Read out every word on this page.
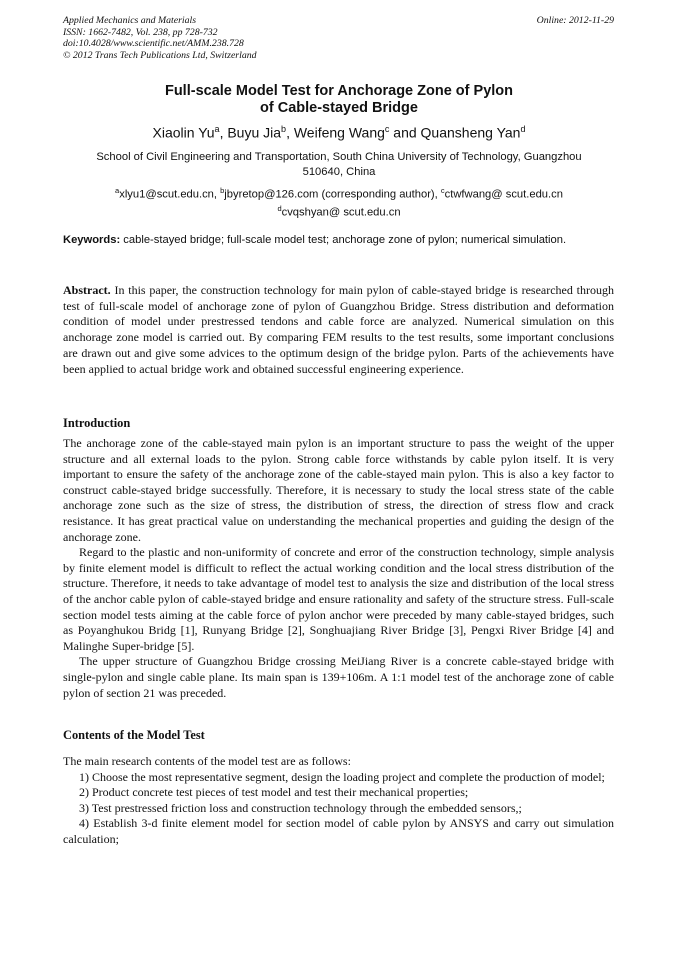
Applied Mechanics and Materials
ISSN: 1662-7482, Vol. 238, pp 728-732
doi:10.4028/www.scientific.net/AMM.238.728
© 2012 Trans Tech Publications Ltd, Switzerland
Online: 2012-11-29
Full-scale Model Test for Anchorage Zone of Pylon
of Cable-stayed Bridge
Xiaolin Yu$^a$, Buyu Jia$^b$, Weifeng Wang$^c$ and Quansheng Yan$^d$
School of Civil Engineering and Transportation, South China University of Technology, Guangzhou
510640, China
$^a$xlyu1@scut.edu.cn, $^b$jbyretop@126.com (corresponding author), $^c$ctwfwang@ scut.edu.cn
$^d$cvqshyan@ scut.edu.cn
Keywords: cable-stayed bridge; full-scale model test; anchorage zone of pylon; numerical simulation.
Abstract. In this paper, the construction technology for main pylon of cable-stayed bridge is researched through test of full-scale model of anchorage zone of pylon of Guangzhou Bridge. Stress distribution and deformation condition of model under prestressed tendons and cable force are analyzed. Numerical simulation on this anchorage zone model is carried out. By comparing FEM results to the test results, some important conclusions are drawn out and give some advices to the optimum design of the bridge pylon. Parts of the achievements have been applied to actual bridge work and obtained successful engineering experience.
Introduction

The anchorage zone of the cable-stayed main pylon is an important structure to pass the weight of the upper structure and all external loads to the pylon. Strong cable force withstands by cable pylon itself. It is very important to ensure the safety of the anchorage zone of the cable-stayed main pylon. This is also a key factor to construct cable-stayed bridge successfully. Therefore, it is necessary to study the local stress state of the cable anchorage zone such as the size of stress, the distribution of stress, the direction of stress flow and crack resistance. It has great practical value on understanding the mechanical properties and guiding the design of the anchorage zone.

Regard to the plastic and non-uniformity of concrete and error of the construction technology, simple analysis by finite element model is difficult to reflect the actual working condition and the local stress distribution of the structure. Therefore, it needs to take advantage of model test to analysis the size and distribution of the local stress of the anchor cable pylon of cable-stayed bridge and ensure rationality and safety of the structure stress. Full-scale section model tests aiming at the cable force of pylon anchor were preceded by many cable-stayed bridges, such as Poyanghukou Bridg [1], Runyang Bridge [2], Songhuajiang River Bridge [3], Pengxi River Bridge [4] and Malinghe Super-bridge [5].

The upper structure of Guangzhou Bridge crossing MeiJiang River is a concrete cable-stayed bridge with single-pylon and single cable plane. Its main span is 139+106m. A 1:1 model test of the anchorage zone of cable pylon of section 21 was preceded.

Contents of the Model Test

The main research contents of the model test are as follows:

1) Choose the most representative segment, design the loading project and complete the production of model;

2) Product concrete test pieces of test model and test their mechanical properties;

3) Test prestressed friction loss and construction technology through the embedded sensors,;

4) Establish 3-d finite element model for section model of cable pylon by ANSYS and carry out simulation calculation;
